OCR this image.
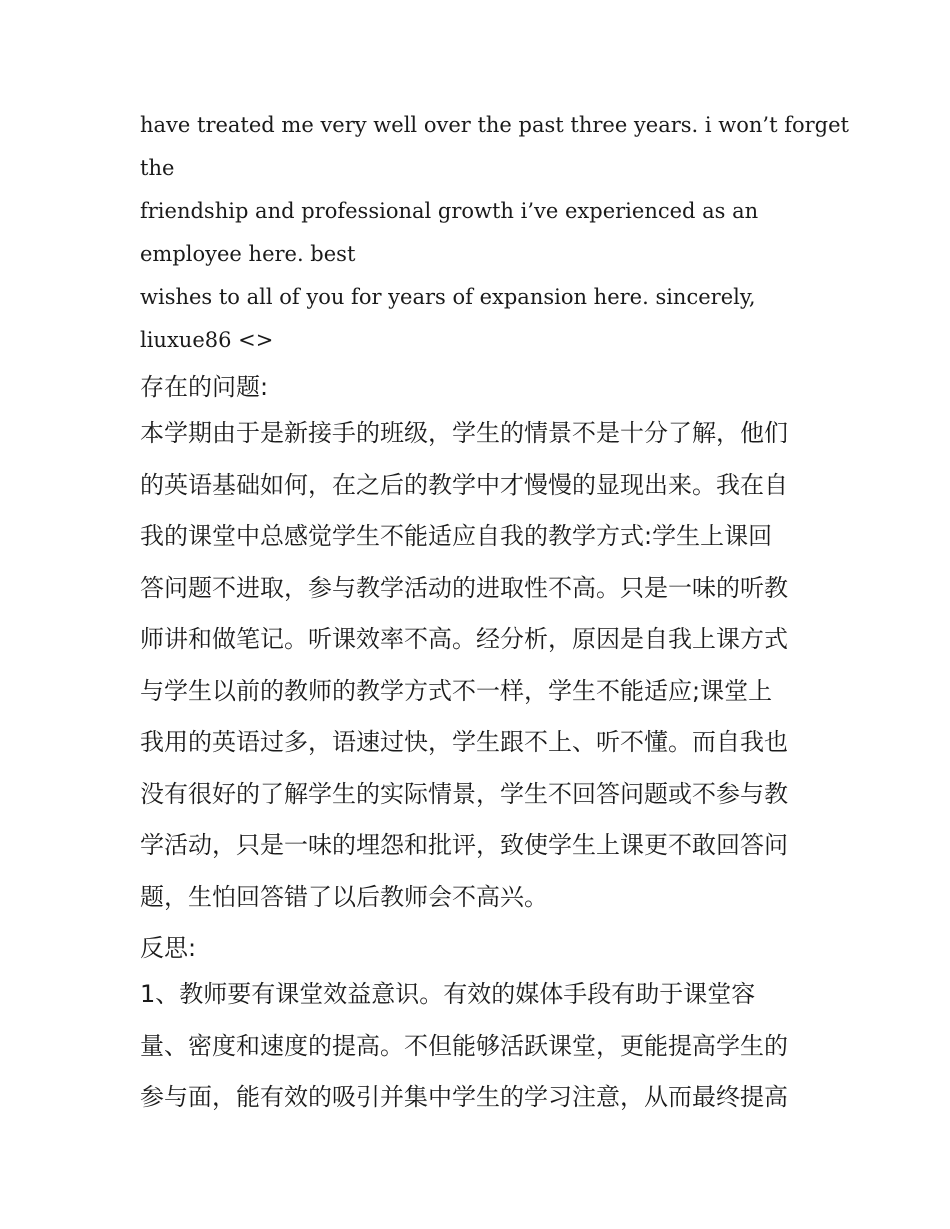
have treated me very well over the past three years. i won’t forget

the

friendship and professional growth i’ve experienced as an

employee here. best

wishes to all of you for years of expansion here. sincerely,

liuxue86 <>

存在的问题:

本学期由于是新接手的班级，学生的情景不是十分了解，他们

的英语基础如何，在之后的教学中才慢慢的显现出来。我在自

我的课堂中总感觉学生不能适应自我的教学方式:学生上课回

答问题不进取，参与教学活动的进取性不高。只是一味的听教

师讲和做笔记。听课效率不高。经分析，原因是自我上课方式

与学生以前的教师的教学方式不一样，学生不能适应;课堂上

我用的英语过多，语速过快，学生跟不上、听不懂。而自我也

没有很好的了解学生的实际情景，学生不回答问题或不参与教

学活动，只是一味的埋怨和批评，致使学生上课更不敢回答问

题，生怕回答错了以后教师会不高兴。

反思:

1、教师要有课堂效益意识。有效的媒体手段有助于课堂容

量、密度和速度的提高。不但能够活跃课堂，更能提高学生的

参与面，能有效的吸引并集中学生的学习注意，从而最终提高
